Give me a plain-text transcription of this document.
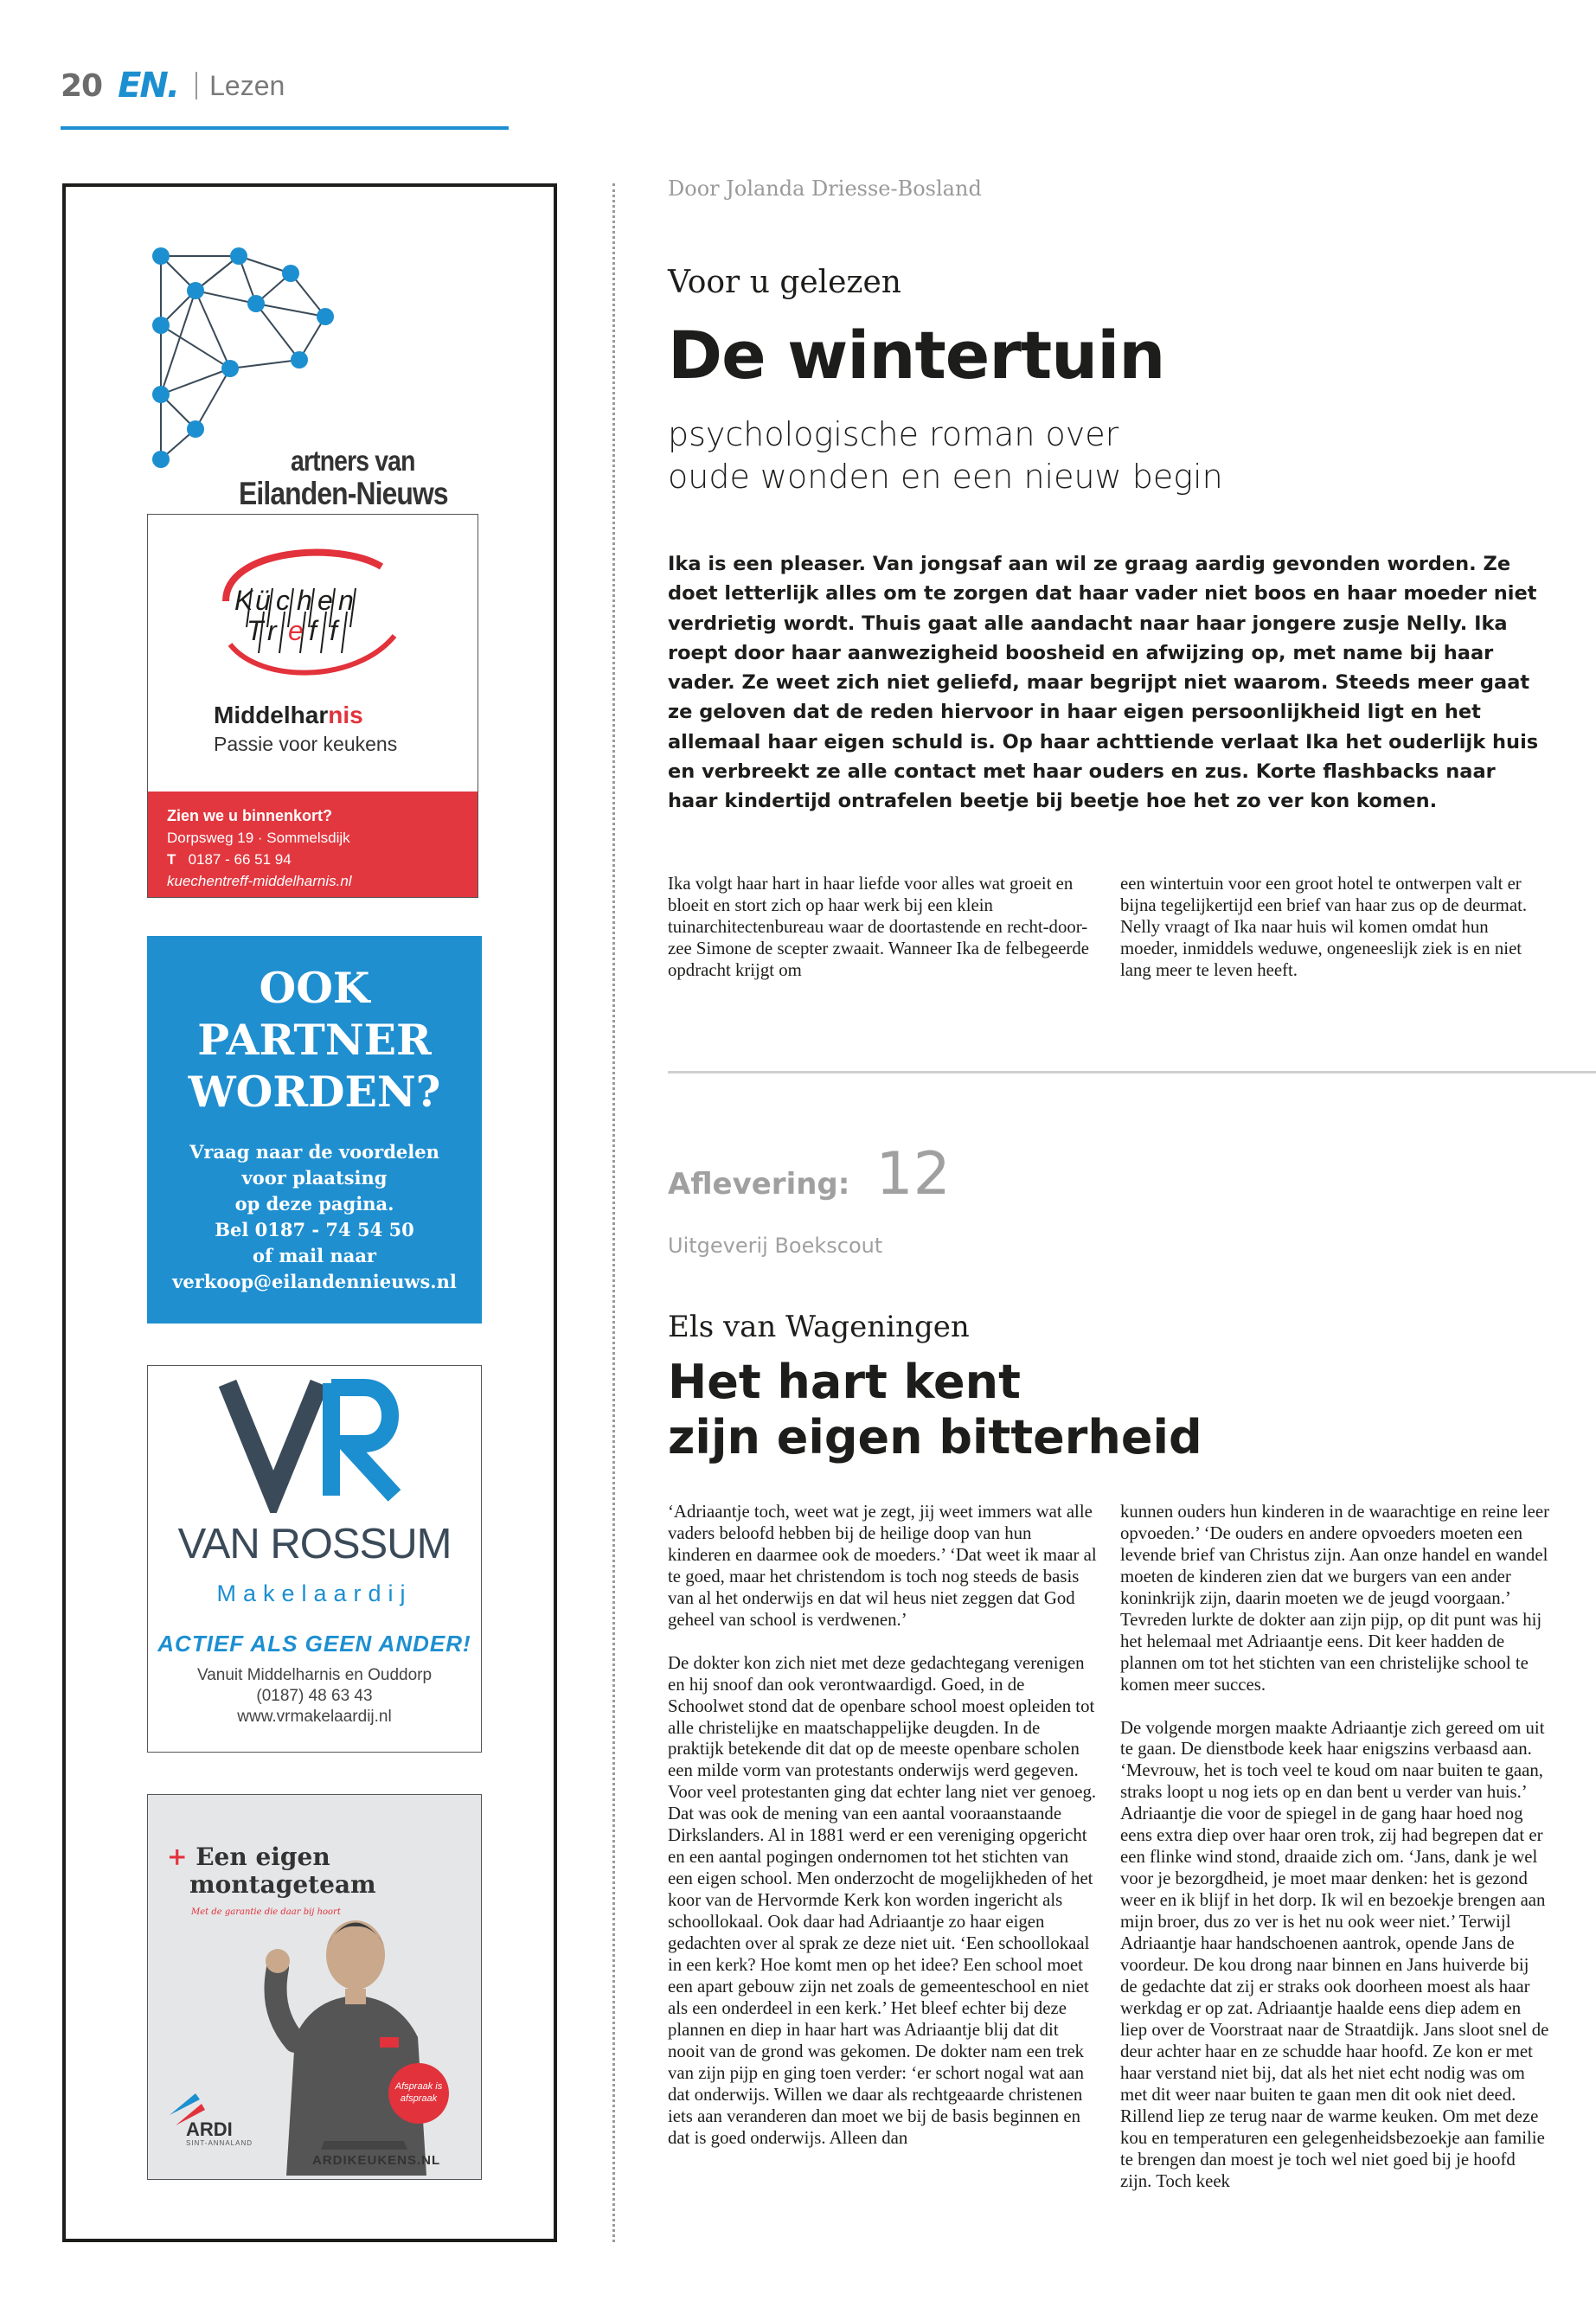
20 EN. Lezen
artners van
Eilanden-Nieuws
K ü c h e n
T r e f f
Middelharnis
Passie voor keukens
Zien we u binnenkort?
Dorpsweg 19 · Sommelsdijk
T 0187 - 66 51 94
kuechentreff-middelharnis.nl
OOK
PARTNER
WORDEN?
Vraag naar de voordelen
voor plaatsing
op deze pagina.
Bel 0187 - 74 54 50
of mail naar
verkoop@eilandennieuws.nl
VAN ROSSUM
Makelaardij
ACTIEF ALS GEEN ANDER!
Vanuit Middelharnis en Ouddorp
(0187) 48 63 43
www.vrmakelaardij.nl
+ Een eigen
montageteam
Met de garantie die daar bij hoort
Afspraak is
afspraak
ARDI
SINT-ANNALAND
ARDIKEUKENS.NL
Door Jolanda Driesse-Bosland
Voor u gelezen
De wintertuin
psychologische roman over
oude wonden en een nieuw begin
Ika is een pleaser. Van jongsaf aan wil ze graag aardig gevonden worden. Ze doet letterlijk alles om te zorgen dat haar vader niet boos en haar moeder niet verdrietig wordt. Thuis gaat alle aandacht naar haar jongere zusje Nelly. Ika roept door haar aanwezigheid boosheid en afwijzing op, met name bij haar vader. Ze weet zich niet geliefd, maar begrijpt niet waarom. Steeds meer gaat ze geloven dat de reden hiervoor in haar eigen persoonlijkheid ligt en het allemaal haar eigen schuld is. Op haar achttiende verlaat Ika het ouderlijk huis en verbreekt ze alle contact met haar ouders en zus. Korte flashbacks naar haar kindertijd ontrafelen beetje bij beetje hoe het zo ver kon komen.

Ika volgt haar hart in haar liefde voor alles wat groeit en bloeit en stort zich op haar werk bij een klein tuinarchitectenbureau waar de doortastende en recht-door-zee Simone de scepter zwaait. Wanneer Ika de felbegeerde opdracht krijgt om

een wintertuin voor een groot hotel te ontwerpen valt er bijna tegelijkertijd een brief van haar zus op de deurmat. Nelly vraagt of Ika naar huis wil komen omdat hun moeder, inmiddels weduwe, ongeneeslijk ziek is en niet lang meer te leven heeft.

Aflevering: 12
Uitgeverij Boekscout
Els van Wageningen
Het hart kent
zijn eigen bitterheid

‘Adriaantje toch, weet wat je zegt, jij weet immers wat alle vaders beloofd hebben bij de heilige doop van hun kinderen en daarmee ook de moeders.’ ‘Dat weet ik maar al te goed, maar het christendom is toch nog steeds de basis van al het onderwijs en dat wil heus niet zeggen dat God geheel van school is verdwenen.’

De dokter kon zich niet met deze gedachtegang verenigen en hij snoof dan ook verontwaardigd. Goed, in de Schoolwet stond dat de openbare school moest opleiden tot alle christelijke en maatschappelijke deugden. In de praktijk betekende dit dat op de meeste openbare scholen een milde vorm van protestants onderwijs werd gegeven. Voor veel protestanten ging dat echter lang niet ver genoeg. Dat was ook de mening van een aantal vooraanstaande Dirkslanders. Al in 1881 werd er een vereniging opgericht en een aantal pogingen ondernomen tot het stichten van een eigen school. Men onderzocht de mogelijkheden of het koor van de Hervormde Kerk kon worden ingericht als schoollokaal. Ook daar had Adriaantje zo haar eigen gedachten over al sprak ze deze niet uit. ‘Een schoollokaal in een kerk? Hoe komt men op het idee? Een school moet een apart gebouw zijn net zoals de gemeenteschool en niet als een onderdeel in een kerk.’ Het bleef echter bij deze plannen en diep in haar hart was Adriaantje blij dat dit nooit van de grond was gekomen. De dokter nam een trek van zijn pijp en ging toen verder: ‘er schort nogal wat aan dat onderwijs. Willen we daar als rechtgeaarde christenen iets aan veranderen dan moet we bij de basis beginnen en dat is goed onderwijs. Alleen dan

kunnen ouders hun kinderen in de waarachtige en reine leer opvoeden.’ ‘De ouders en andere opvoeders moeten een levende brief van Christus zijn. Aan onze handel en wandel moeten de kinderen zien dat we burgers van een ander koninkrijk zijn, daarin moeten we de jeugd voorgaan.’ Tevreden lurkte de dokter aan zijn pijp, op dit punt was hij het helemaal met Adriaantje eens. Dit keer hadden de plannen om tot het stichten van een christelijke school te komen meer succes.

De volgende morgen maakte Adriaantje zich gereed om uit te gaan. De dienstbode keek haar enigszins verbaasd aan. ‘Mevrouw, het is toch veel te koud om naar buiten te gaan, straks loopt u nog iets op en dan bent u verder van huis.’ Adriaantje die voor de spiegel in de gang haar hoed nog eens extra diep over haar oren trok, zij had begrepen dat er een flinke wind stond, draaide zich om. ‘Jans, dank je wel voor je bezorgdheid, je moet maar denken: het is gezond weer en ik blijf in het dorp. Ik wil en bezoekje brengen aan mijn broer, dus zo ver is het nu ook weer niet.’ Terwijl Adriaantje haar handschoenen aantrok, opende Jans de voordeur. De kou drong naar binnen en Jans huiverde bij de gedachte dat zij er straks ook doorheen moest als haar werkdag er op zat. Adriaantje haalde eens diep adem en liep over de Voorstraat naar de Straatdijk. Jans sloot snel de deur achter haar en ze schudde haar hoofd. Ze kon er met haar verstand niet bij, dat als het niet echt nodig was om met dit weer naar buiten te gaan men dit ook niet deed. Rillend liep ze terug naar de warme keuken. Om met deze kou en temperaturen een gelegenheidsbezoekje aan familie te brengen dan moest je toch wel niet goed bij je hoofd zijn. Toch keek
